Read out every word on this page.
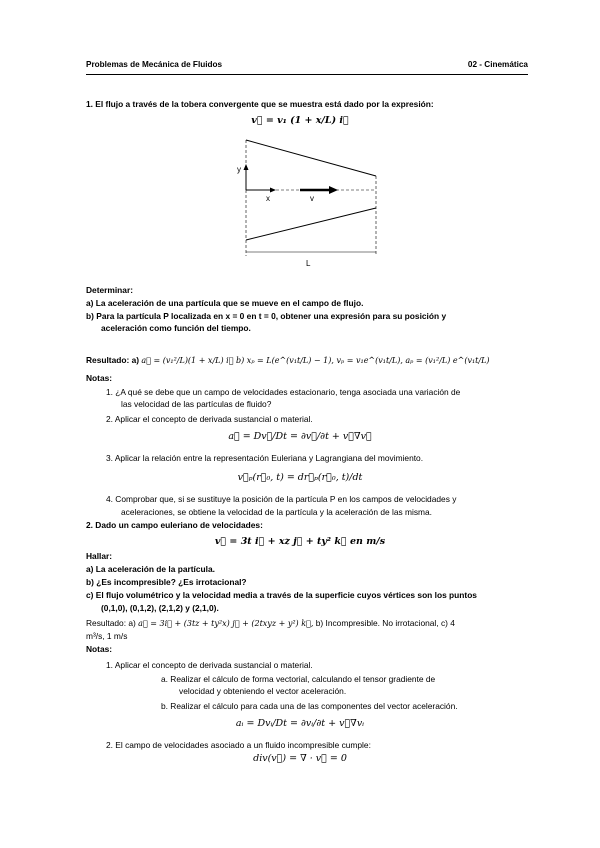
Problemas de Mecánica de Fluidos	02 - Cinemática
1. El flujo a través de la tobera convergente que se muestra está dado por la expresión:
v⃗ = v₁ (1 + x/L) i⃗
y
x	v
L
Determinar:
a) La aceleración de una partícula que se mueve en el campo de flujo.
b) Para la partícula P localizada en x = 0 en t = 0, obtener una expresión para su posición y
aceleración como función del tiempo.
Resultado: a) a⃗ = (v₁²/L)(1 + x/L) i⃗ b) xₚ = L(e^(v₁t/L) − 1), vₚ = v₁e^(v₁t/L), aₚ = (v₁²/L) e^(v₁t/L)
Notas:
1. ¿A qué se debe que un campo de velocidades estacionario, tenga asociada una variación de
las velocidad de las partículas de fluido?
2. Aplicar el concepto de derivada sustancial o material.
a⃗ = Dv⃗/Dt = ∂v⃗/∂t + v⃗∇v⃗
3. Aplicar la relación entre la representación Euleriana y Lagrangiana del movimiento.
v⃗ₚ(r⃗₀, t) = dr⃗ₚ(r⃗₀, t)/dt
4. Comprobar que, si se sustituye la posición de la partícula P en los campos de velocidades y
aceleraciones, se obtiene la velocidad de la partícula y la aceleración de las misma.
2. Dado un campo euleriano de velocidades:
v⃗ = 3t i⃗ + xz j⃗ + ty² k⃗ en m/s
Hallar:
a) La aceleración de la partícula.
b) ¿Es incompresible? ¿Es irrotacional?
c) El flujo volumétrico y la velocidad media a través de la superficie cuyos vértices son los puntos
(0,1,0), (0,1,2), (2,1,2) y (2,1,0).
Resultado: a) a⃗ = 3i⃗ + (3tz + ty²x) j⃗ + (2txyz + y²) k⃗, b) Incompresible. No irrotacional, c) 4
m³/s, 1 m/s
Notas:
1. Aplicar el concepto de derivada sustancial o material.
a. Realizar el cálculo de forma vectorial, calculando el tensor gradiente de
velocidad y obteniendo el vector aceleración.
b. Realizar el cálculo para cada una de las componentes del vector aceleración.
aᵢ = Dvᵢ/Dt = ∂vᵢ/∂t + v⃗∇vᵢ
2. El campo de velocidades asociado a un fluido incompresible cumple:
div(v⃗) = ∇ · v⃗ = 0
